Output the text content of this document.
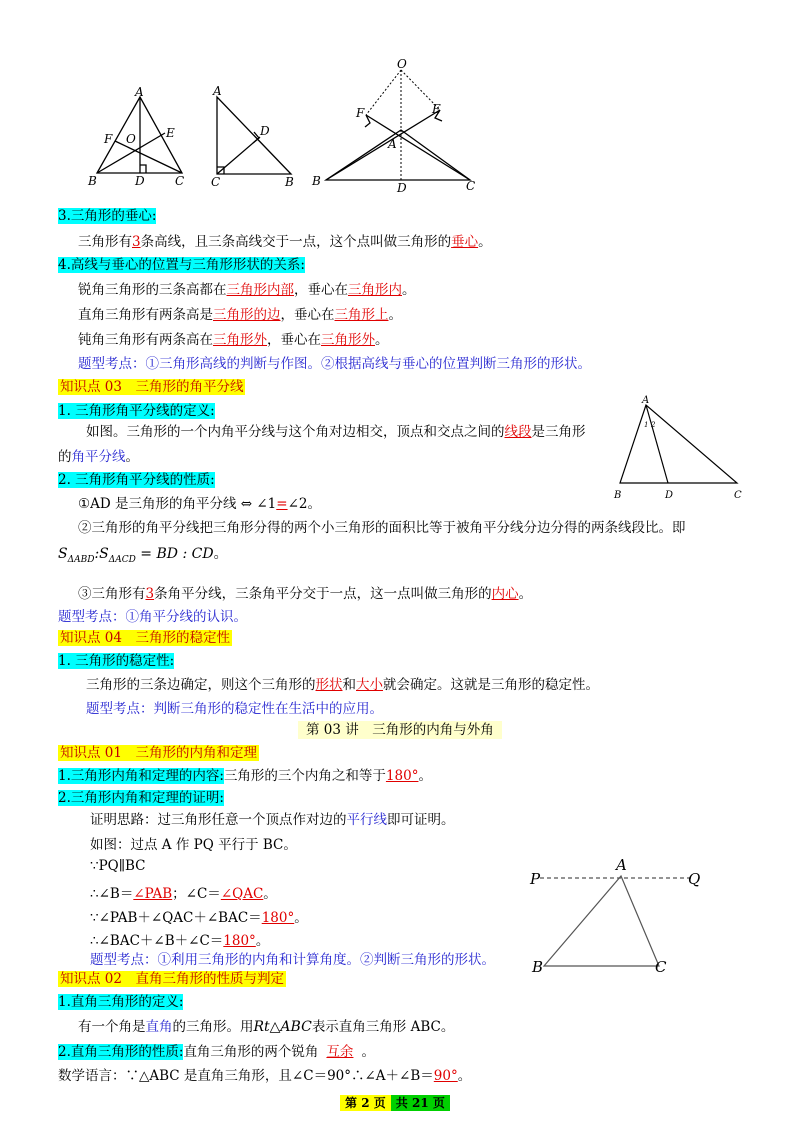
A
B	C
D
E
F O
A
B
C
D
O
A
B	C
D
E
F
3.三角形的垂心:
三角形有3条高线，且三条高线交于一点，这个点叫做三角形的垂心。
4.高线与垂心的位置与三角形形状的关系:
锐角三角形的三条高都在三角形内部，垂心在三角形内。
直角三角形有两条高是三角形的边，垂心在三角形上。
钝角三角形有两条高在三角形外，垂心在三角形外。
题型考点：①三角形高线的判断与作图。②根据高线与垂心的位置判断三角形的形状。
知识点 03　三角形的角平分线
1. 三角形角平分线的定义:
如图。三角形的一个内角平分线与这个角对边相交，顶点和交点之间的线段是三角形
的角平分线。
A
B	D	C
1 2
2. 三角形角平分线的性质:
①AD 是三角形的角平分线 ⇔ ∠1=∠2。
②三角形的角平分线把三角形分得的两个小三角形的面积比等于被角平分线分边分得的两条线段比。即
$S_{\Delta ABD}:S_{\Delta ACD}$ = BD : CD。
③三角形有3条角平分线，三条角平分交于一点，这一点叫做三角形的内心。
题型考点：①角平分线的认识。
知识点 04　三角形的稳定性
1. 三角形的稳定性:
三角形的三条边确定，则这个三角形的形状和大小就会确定。这就是三角形的稳定性。
题型考点：判断三角形的稳定性在生活中的应用。
第 03 讲　三角形的内角与外角
知识点 01　三角形的内角和定理
1.三角形内角和定理的内容:三角形的三个内角之和等于180°。
2.三角形内角和定理的证明:
证明思路：过三角形任意一个顶点作对边的平行线即可证明。
如图：过点 A 作 PQ 平行于 BC。
∵PQ∥BC
∴∠B＝∠PAB；∠C＝∠QAC。
∵∠PAB＋∠QAC＋∠BAC＝180°。
∴∠BAC＋∠B＋∠C＝180°。
题型考点：①利用三角形的内角和计算角度。②判断三角形的形状。
P
A
Q
B	C
知识点 02　直角三角形的性质与判定
1.直角三角形的定义:
有一个角是直角的三角形。用Rt△ABC表示直角三角形 ABC。
2.直角三角形的性质:直角三角形的两个锐角 互余 。
数学语言：∵△ABC 是直角三角形，且∠C＝90°∴∠A＋∠B＝90°。
第 2 页 共 21 页
